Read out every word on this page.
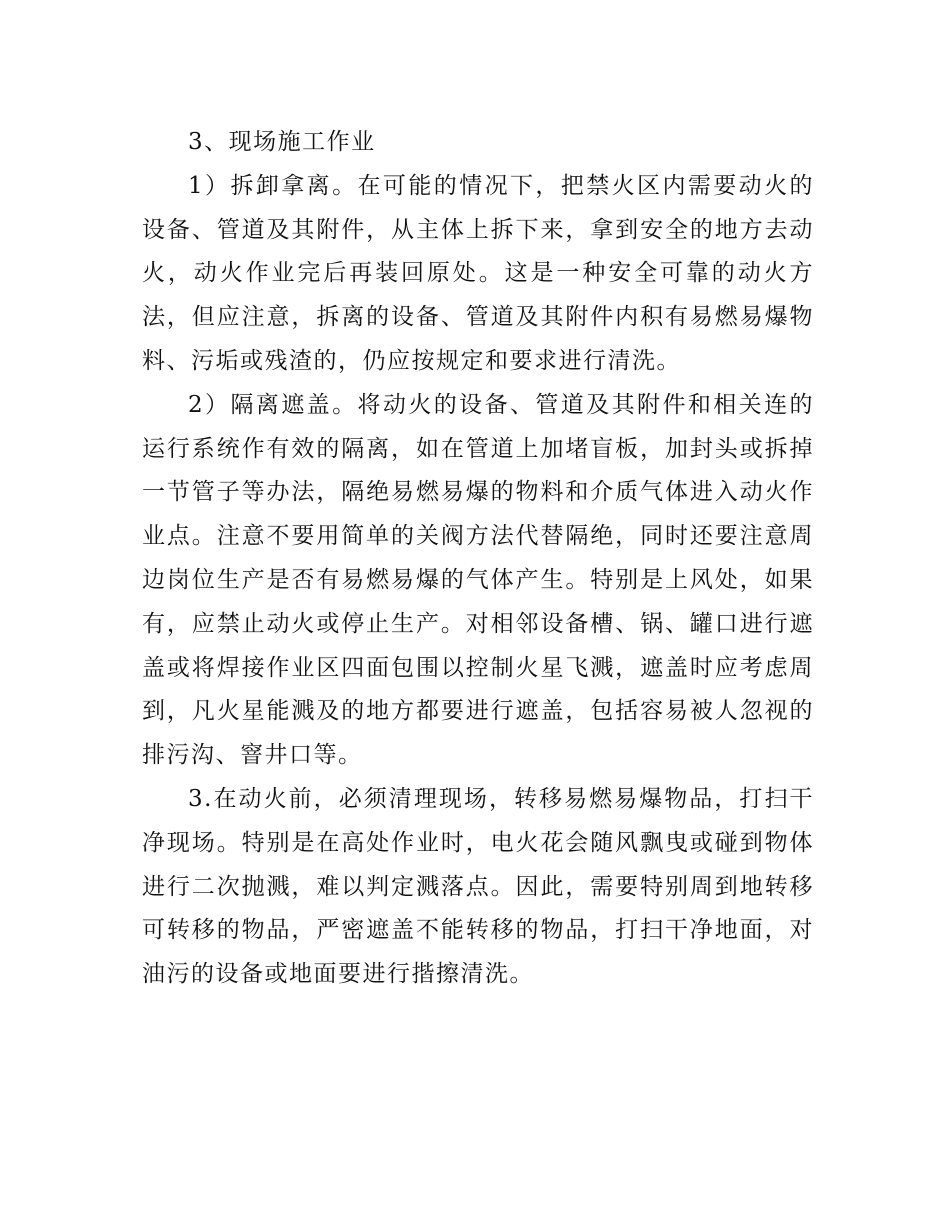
3、现场施工作业

1）拆卸拿离。在可能的情况下，把禁火区内需要动火的设备、管道及其附件，从主体上拆下来，拿到安全的地方去动火，动火作业完后再装回原处。这是一种安全可靠的动火方法，但应注意，拆离的设备、管道及其附件内积有易燃易爆物料、污垢或残渣的，仍应按规定和要求进行清洗。

2）隔离遮盖。将动火的设备、管道及其附件和相关连的运行系统作有效的隔离，如在管道上加堵盲板，加封头或拆掉一节管子等办法，隔绝易燃易爆的物料和介质气体进入动火作业点。注意不要用简单的关阀方法代替隔绝，同时还要注意周边岗位生产是否有易燃易爆的气体产生。特别是上风处，如果有，应禁止动火或停止生产。对相邻设备槽、锅、罐口进行遮盖或将焊接作业区四面包围以控制火星飞溅，遮盖时应考虑周到，凡火星能溅及的地方都要进行遮盖，包括容易被人忽视的排污沟、窨井口等。

3.在动火前，必须清理现场，转移易燃易爆物品，打扫干净现场。特别是在高处作业时，电火花会随风飘曳或碰到物体进行二次抛溅，难以判定溅落点。因此，需要特别周到地转移可转移的物品，严密遮盖不能转移的物品，打扫干净地面，对油污的设备或地面要进行揩擦清洗。
